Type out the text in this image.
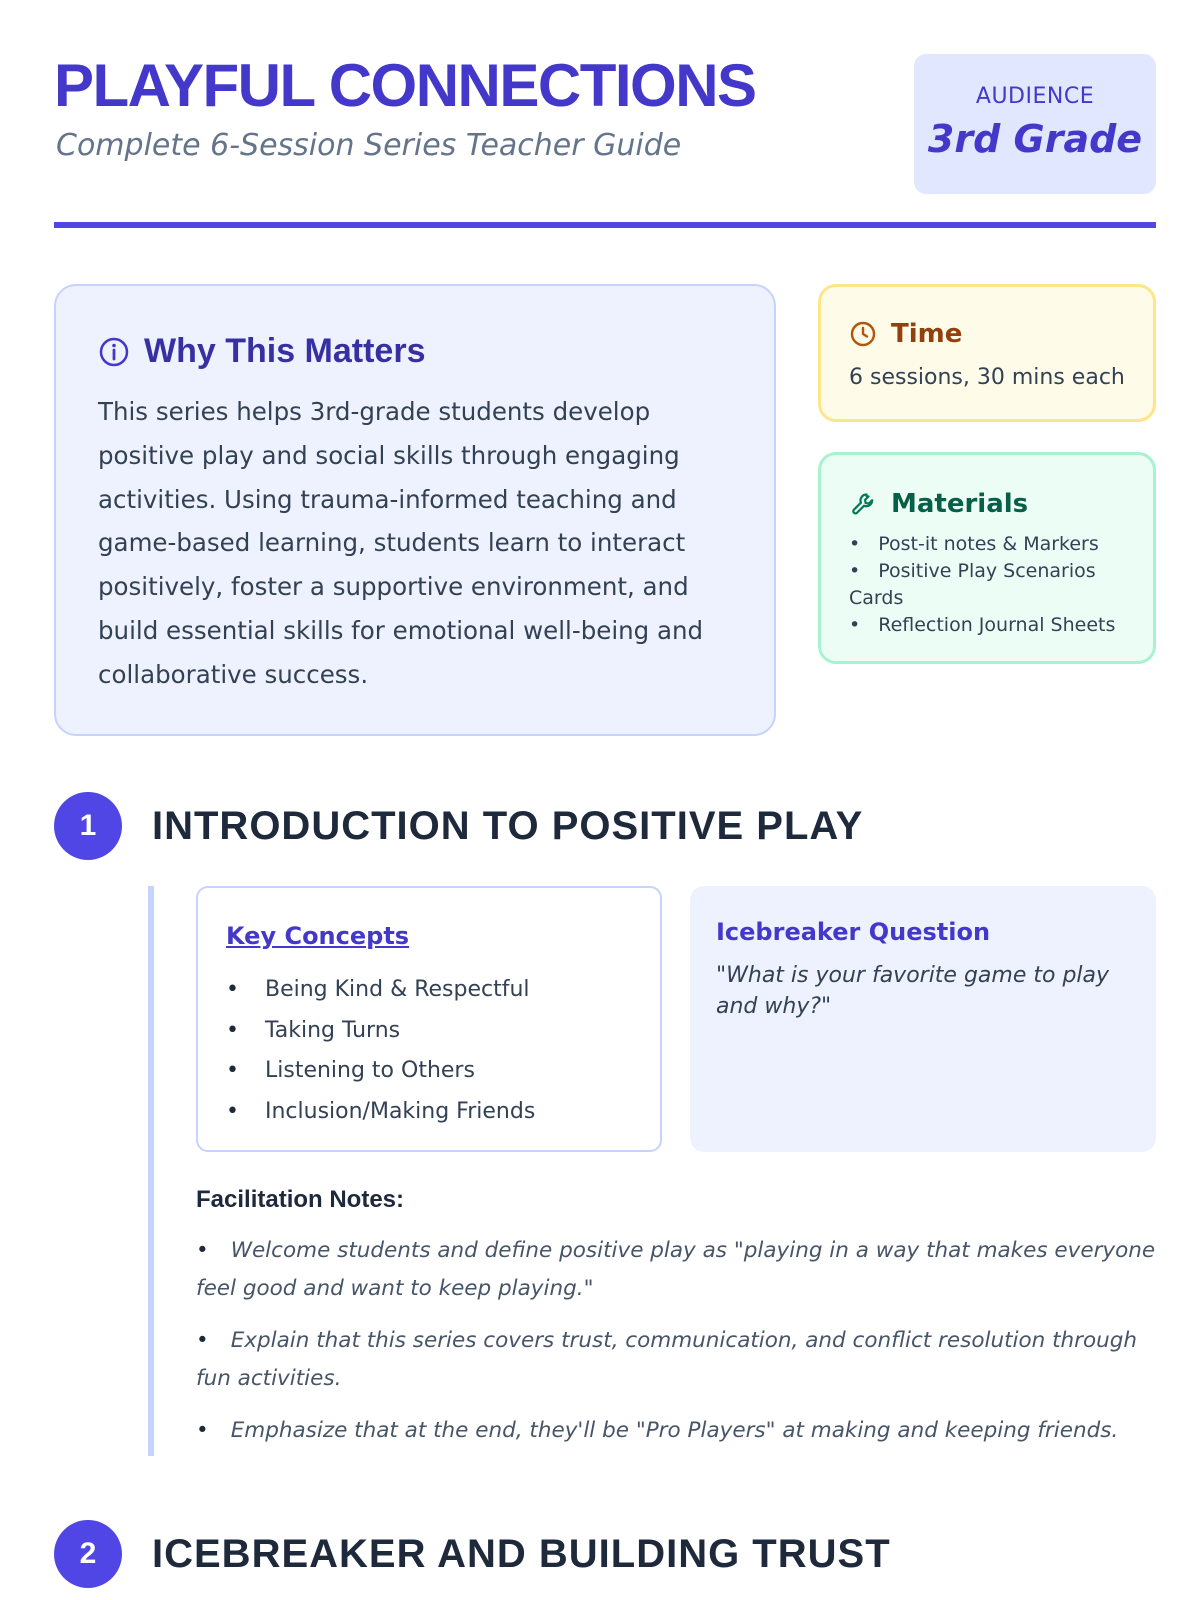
PLAYFUL CONNECTIONS
Complete 6-Session Series Teacher Guide
AUDIENCE
3rd Grade
Why This Matters

This series helps 3rd-grade students develop positive play and social skills through engaging activities. Using trauma-informed teaching and game-based learning, students learn to interact positively, foster a supportive environment, and build essential skills for emotional well-being and collaborative success.

Time
6 sessions, 30 mins each
Materials
• Post-it notes & Markers
• Positive Play Scenarios Cards
• Reflection Journal Sheets
1	INTRODUCTION TO POSITIVE PLAY
Key Concepts
• Being Kind & Respectful
• Taking Turns
• Listening to Others
• Inclusion/Making Friends
Icebreaker Question
"What is your favorite game to play and why?"
Facilitation Notes:
• Welcome students and define positive play as "playing in a way that makes everyone feel good and want to keep playing."
• Explain that this series covers trust, communication, and conflict resolution through fun activities.
• Emphasize that at the end, they'll be "Pro Players" at making and keeping friends.
2	ICEBREAKER AND BUILDING TRUST
